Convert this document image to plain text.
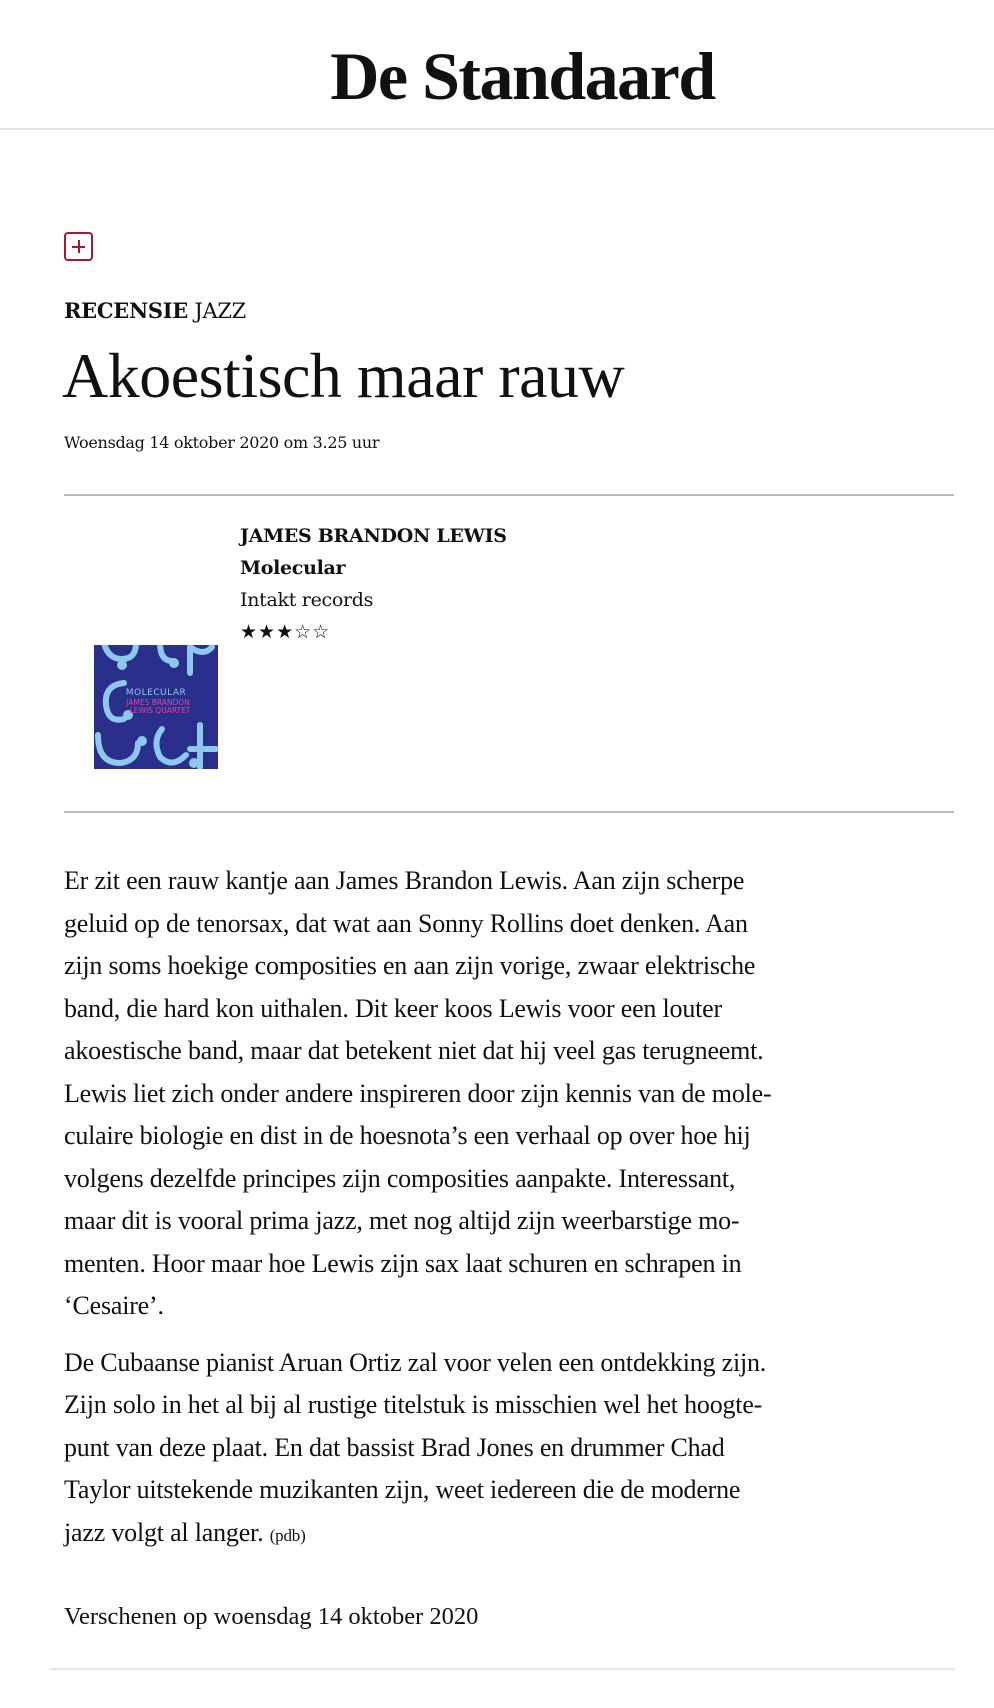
De Standaard
RECENSIE JAZZ
Akoestisch maar rauw
Woensdag 14 oktober 2020 om 3.25 uur
JAMES BRANDON LEWIS
Molecular
Intakt records
★★★☆☆
MOLECULAR
JAMES BRANDON
LEWIS QUARTET

Er zit een rauw kantje aan James Brandon Lewis. Aan zijn scherpe
geluid op de tenorsax, dat wat aan Sonny Rollins doet denken. Aan
zijn soms hoekige composities en aan zijn vorige, zwaar elektrische
band, die hard kon uithalen. Dit keer koos Lewis voor een louter
akoestische band, maar dat betekent niet dat hij veel gas terugneemt.
Lewis liet zich onder andere inspireren door zijn kennis van de mole-
culaire biologie en dist in de hoesnota’s een verhaal op over hoe hij
volgens dezelfde principes zijn composities aanpakte. Interessant,
maar dit is vooral prima jazz, met nog altijd zijn weerbarstige mo-
menten. Hoor maar hoe Lewis zijn sax laat schuren en schrapen in
‘Cesaire’.

De Cubaanse pianist Aruan Ortiz zal voor velen een ontdekking zijn.
Zijn solo in het al bij al rustige titelstuk is misschien wel het hoogte-
punt van deze plaat. En dat bassist Brad Jones en drummer Chad
Taylor uitstekende muzikanten zijn, weet iedereen die de moderne
jazz volgt al langer. (pdb)

Verschenen op woensdag 14 oktober 2020
